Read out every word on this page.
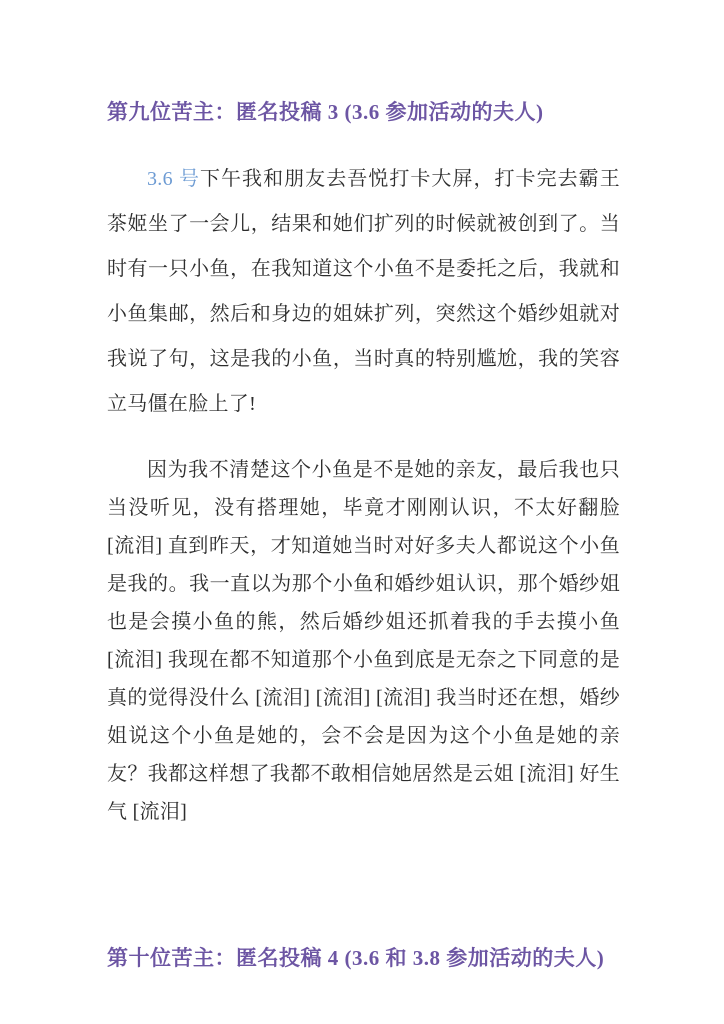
第九位苦主：匿名投稿 3 (3.6 参加活动的夫人)

3.6 号下午我和朋友去吾悦打卡大屏，打卡完去霸王茶姬坐了一会儿，结果和她们扩列的时候就被创到了。当时有一只小鱼，在我知道这个小鱼不是委托之后，我就和小鱼集邮，然后和身边的姐妹扩列，突然这个婚纱姐就对我说了句，这是我的小鱼，当时真的特别尴尬，我的笑容立马僵在脸上了!

因为我不清楚这个小鱼是不是她的亲友，最后我也只当没听见，没有搭理她，毕竟才刚刚认识，不太好翻脸 [流泪] 直到昨天，才知道她当时对好多夫人都说这个小鱼是我的。我一直以为那个小鱼和婚纱姐认识，那个婚纱姐也是会摸小鱼的熊，然后婚纱姐还抓着我的手去摸小鱼 [流泪] 我现在都不知道那个小鱼到底是无奈之下同意的是真的觉得没什么 [流泪] [流泪] [流泪] 我当时还在想，婚纱姐说这个小鱼是她的，会不会是因为这个小鱼是她的亲友？我都这样想了我都不敢相信她居然是云姐 [流泪] 好生气 [流泪]

第十位苦主：匿名投稿 4 (3.6 和 3.8 参加活动的夫人)
